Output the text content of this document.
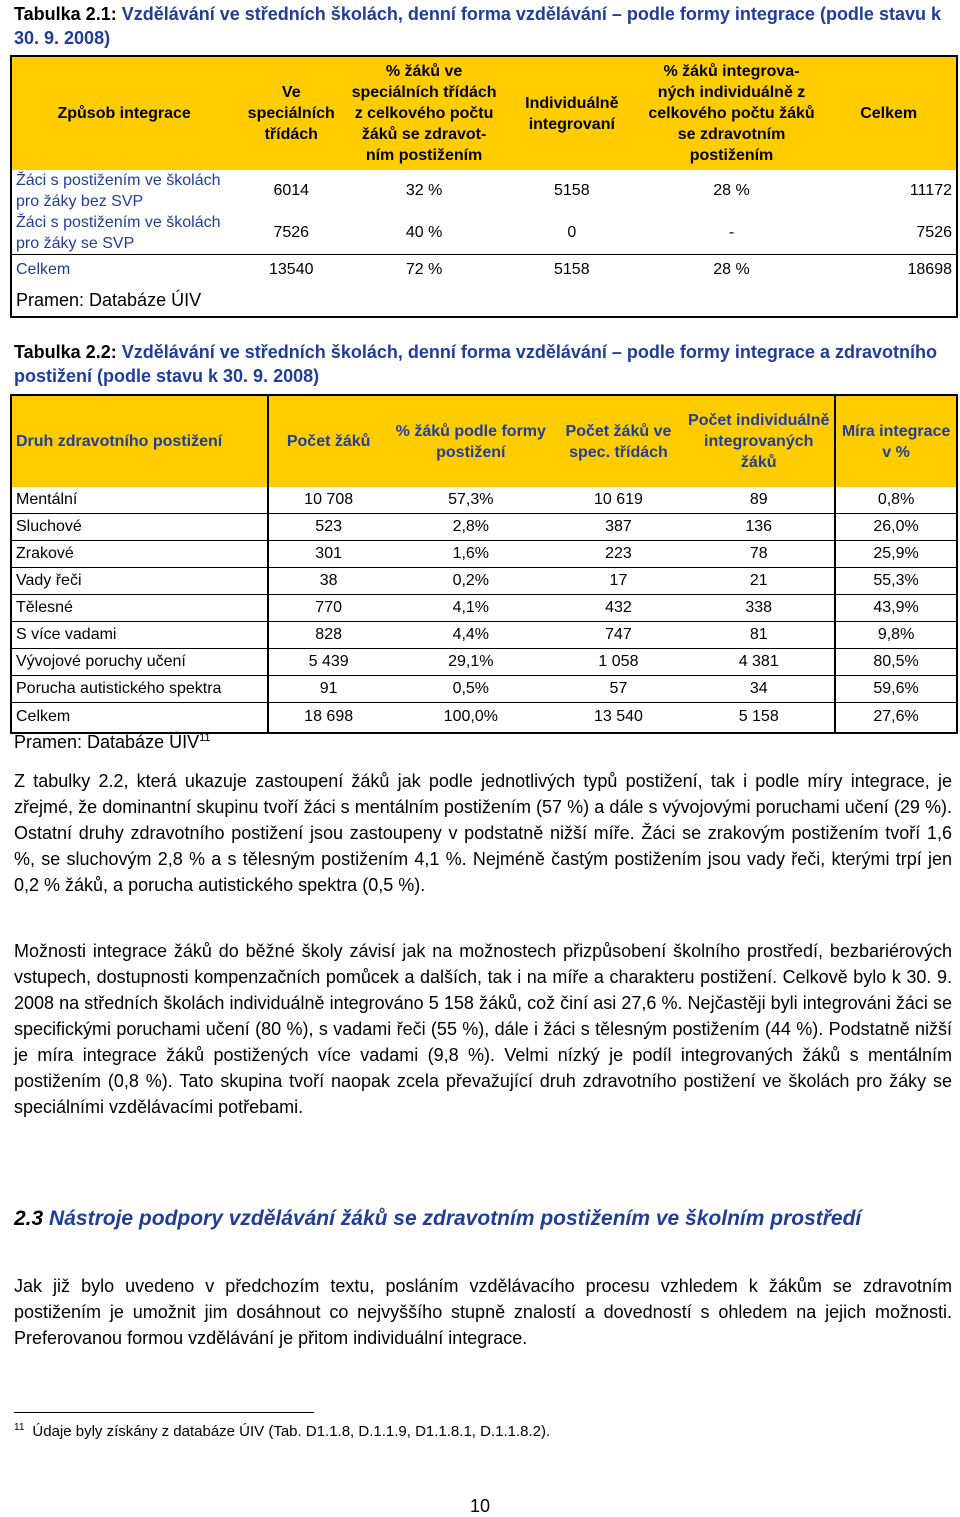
Tabulka 2.1: Vzdělávání ve středních školách, denní forma vzdělávání – podle formy integrace (podle stavu k 30. 9. 2008)
Způsob integrace	Ve speciálních třídách	% žáků ve speciálních třídách z celkového počtu žáků se zdravot-ním postižením	Individuálně integrovaní	% žáků integrova-ných individuálně z celkového počtu žáků se zdravotním postižením	Celkem
Žáci s postižením ve školách pro žáky bez SVP	6014	32 %	5158	28 %	11172
Žáci s postižením ve školách pro žáky se SVP	7526	40 %	0	-	7526
Celkem	13540	72 %	5158	28 %	18698
Pramen: Databáze ÚIV					
Tabulka 2.2: Vzdělávání ve středních školách, denní forma vzdělávání – podle formy integrace a zdravotního postižení (podle stavu k 30. 9. 2008)
Druh zdravotního postižení	Počet žáků	% žáků podle formy postižení	Počet žáků ve spec. třídách	Počet individuálně integrovaných žáků	Míra integrace v %
Mentální	10 708	57,3%	10 619	89	0,8%
Sluchové	523	2,8%	387	136	26,0%
Zrakové	301	1,6%	223	78	25,9%
Vady řeči	38	0,2%	17	21	55,3%
Tělesné	770	4,1%	432	338	43,9%
S více vadami	828	4,4%	747	81	9,8%
Vývojové poruchy učení	5 439	29,1%	1 058	4 381	80,5%
Porucha autistického spektra	91	0,5%	57	34	59,6%
Celkem	18 698	100,0%	13 540	5 158	27,6%
Pramen: Databáze ÚIV$^{11}$
Z tabulky 2.2, která ukazuje zastoupení žáků jak podle jednotlivých typů postižení, tak i podle míry integrace, je zřejmé, že dominantní skupinu tvoří žáci s mentálním postižením (57 %) a dále s vývojovými poruchami učení (29 %). Ostatní druhy zdravotního postižení jsou zastoupeny v podstatně nižší míře. Žáci se zrakovým postižením tvoří 1,6 %, se sluchovým 2,8 % a s tělesným postižením 4,1 %. Nejméně častým postižením jsou vady řeči, kterými trpí jen 0,2 % žáků, a porucha autistického spektra (0,5 %).
Možnosti integrace žáků do běžné školy závisí jak na možnostech přizpůsobení školního prostředí, bezbariérových vstupech, dostupnosti kompenzačních pomůcek a dalších, tak i na míře a charakteru postižení. Celkově bylo k 30. 9. 2008 na středních školách individuálně integrováno 5 158 žáků, což činí asi 27,6 %. Nejčastěji byli integrováni žáci se specifickými poruchami učení (80 %), s vadami řeči (55 %), dále i žáci s tělesným postižením (44 %). Podstatně nižší je míra integrace žáků postižených více vadami (9,8 %). Velmi nízký je podíl integrovaných žáků s mentálním postižením (0,8 %). Tato skupina tvoří naopak zcela převažující druh zdravotního postižení ve školách pro žáky se speciálními vzdělávacími potřebami.
2.3 Nástroje podpory vzdělávání žáků se zdravotním postižením ve školním prostředí
Jak již bylo uvedeno v předchozím textu, posláním vzdělávacího procesu vzhledem k žákům se zdravotním postižením je umožnit jim dosáhnout co nejvyššího stupně znalostí a dovedností s ohledem na jejich možnosti. Preferovanou formou vzdělávání je přitom individuální integrace.
$^{11}$ Údaje byly získány z databáze ÚIV (Tab. D1.1.8, D.1.1.9, D1.1.8.1, D.1.1.8.2).
10
